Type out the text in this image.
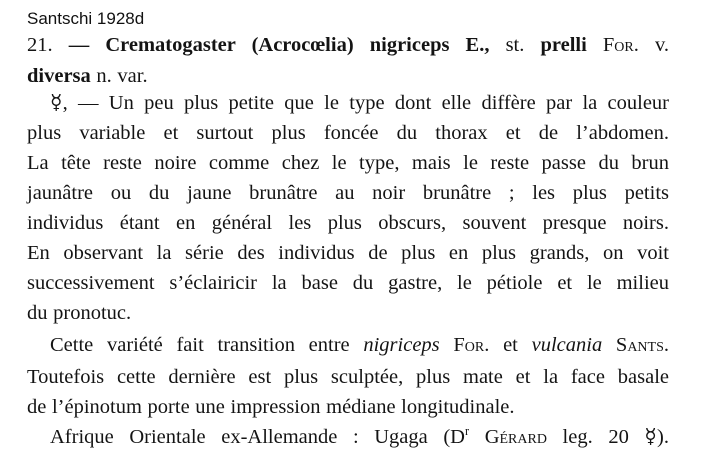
Santschi 1928d
21. — Crematogaster (Acrocœlia) nigriceps E., st. prelli For. v.
diversa n. var.
☿, — Un peu plus petite que le type dont elle diffère par la couleur
plus variable et surtout plus foncée du thorax et de l’abdomen.
La tête reste noire comme chez le type, mais le reste passe du brun
jaunâtre ou du jaune brunâtre au noir brunâtre ; les plus petits
individus étant en général les plus obscurs, souvent presque noirs.
En observant la série des individus de plus en plus grands, on voit
successivement s’éclairicir la base du gastre, le pétiole et le milieu
du pronotuc.
Cette variété fait transition entre nigriceps For. et vulcania Sants.
Toutefois cette dernière est plus sculptée, plus mate et la face basale
de l’épinotum porte une impression médiane longitudinale.
Afrique Orientale ex-Allemande : Ugaga ($D^r$ Gérard leg. 20 ☿).
